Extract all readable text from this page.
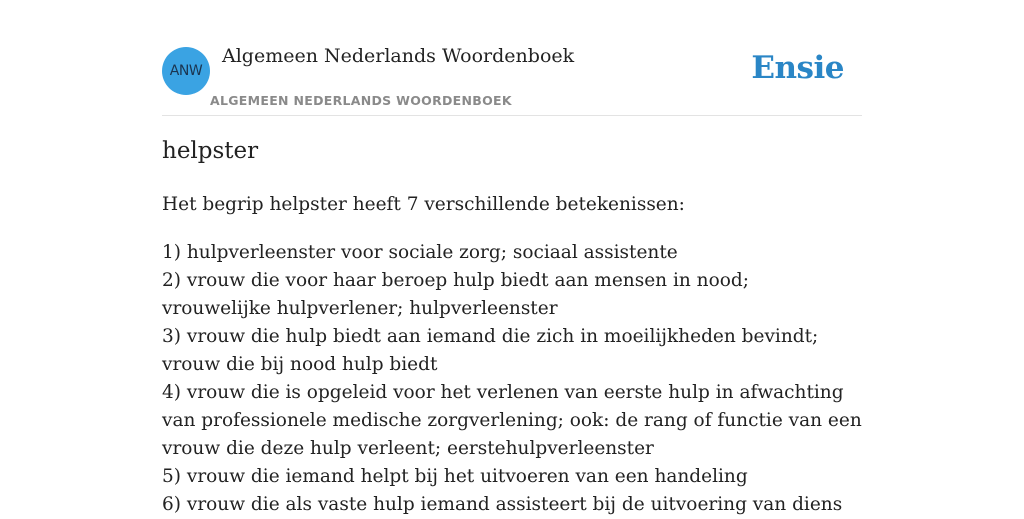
ANW
Algemeen Nederlands Woordenboek
ALGEMEEN NEDERLANDS WOORDENBOEK
Ensie
helpster

Het begrip helpster heeft 7 verschillende betekenissen:

1) hulpverleenster voor sociale zorg; sociaal assistente
2) vrouw die voor haar beroep hulp biedt aan mensen in nood; vrouwelijke hulpverlener; hulpverleenster
3) vrouw die hulp biedt aan iemand die zich in moeilijkheden bevindt; vrouw die bij nood hulp biedt
4) vrouw die is opgeleid voor het verlenen van eerste hulp in afwachting van professionele medische zorgverlening; ook: de rang of functie van een vrouw die deze hulp verleent; eerstehulpverleenster
5) vrouw die iemand helpt bij het uitvoeren van een handeling
6) vrouw die als vaste hulp iemand assisteert bij de uitvoering van diens
